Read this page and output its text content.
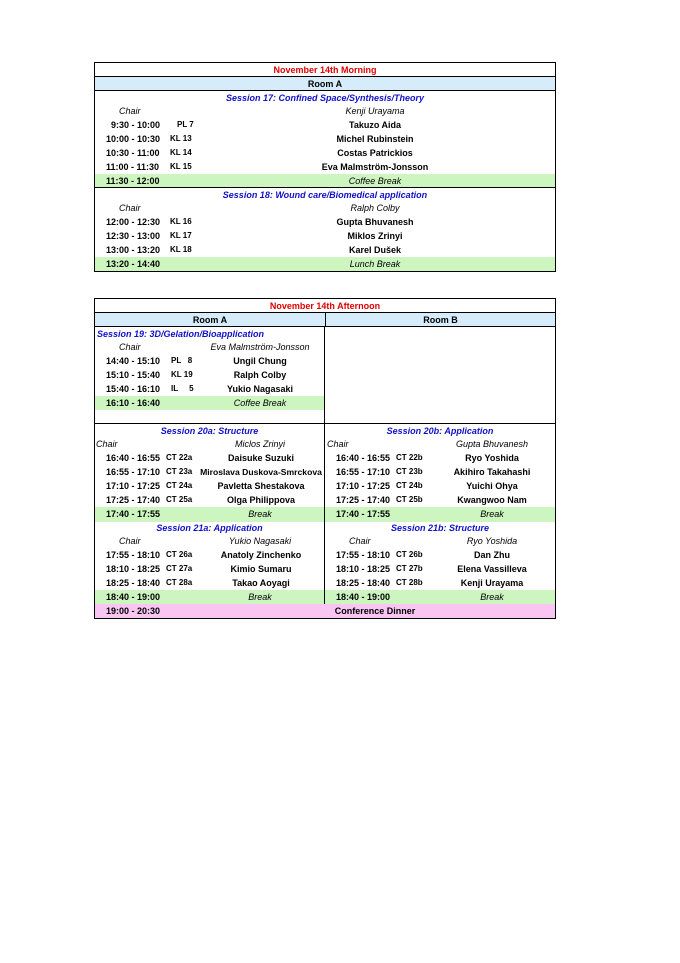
November 14th Morning
Room A
Session 17: Confined Space/Synthesis/Theory
Chair	Kenji Urayama
9:30 - 10:00 PL 7	Takuzo Aida
10:00 - 10:30 KL 13	Michel Rubinstein
10:30 - 11:00 KL 14	Costas Patrickios
11:00 - 11:30 KL 15	Eva Malmström-Jonsson
11:30 - 12:00	Coffee Break
Session 18: Wound care/Biomedical application
Chair	Ralph Colby
12:00 - 12:30 KL 16	Gupta Bhuvanesh
12:30 - 13:00 KL 17	Miklos Zrinyi
13:00 - 13:20 KL 18	Karel Dušek
13:20 - 14:40	Lunch Break
November 14th Afternoon
Room A	Room B
Session 19: 3D/Gelation/Bioapplication
Chair	Eva Malmström-Jonsson
14:40 - 15:10 PL   8	Ungil Chung
15:10 - 15:40 KL 19	Ralph Colby
15:40 - 16:10 IL     5	Yukio Nagasaki
16:10 - 16:40	Coffee Break
Session 20a: Structure
Chair	Miclos Zrinyi
16:40 - 16:55 CT 22a	Daisuke Suzuki
16:55 - 17:10 CT 23a Miroslava Duskova-Smrckova
17:10 - 17:25 CT 24a	Pavletta Shestakova
17:25 - 17:40 CT 25a	Olga Philippova
17:40 - 17:55	Break
Session 20b: Application
Chair	Gupta Bhuvanesh
16:40 - 16:55 CT 22b	Ryo Yoshida
16:55 - 17:10 CT 23b	Akihiro Takahashi
17:10 - 17:25 CT 24b	Yuichi Ohya
17:25 - 17:40 CT 25b	Kwangwoo Nam
17:40 - 17:55	Break
Session 21a: Application
Chair	Yukio Nagasaki
17:55 - 18:10 CT 26a	Anatoly Zinchenko
18:10 - 18:25 CT 27a	Kimio Sumaru
18:25 - 18:40 CT 28a	Takao Aoyagi
18:40 - 19:00	Break
Session 21b: Structure
Chair	Ryo Yoshida
17:55 - 18:10 CT 26b	Dan Zhu
18:10 - 18:25 CT 27b	Elena Vassilleva
18:25 - 18:40 CT 28b	Kenji Urayama
18:40 - 19:00	Break
19:00 - 20:30	Conference Dinner
